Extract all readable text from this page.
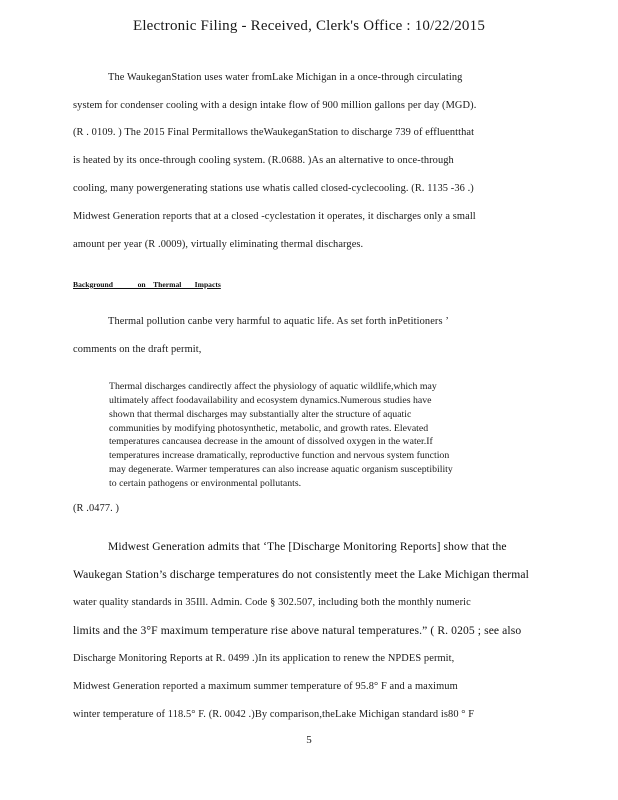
Electronic Filing - Received, Clerk's Office : 10/22/2015
The WaukeganStation uses water fromLake Michigan in a once-through circulating
system for condenser cooling with a design intake flow of 900 million gallons per day (MGD).
(R . 0109. ) The 2015 Final Permitallows theWaukeganStation to discharge 739 of effluentthat
is heated by its once-through cooling system. (R.0688. )As an alternative to once-through
cooling, many powergenerating stations use whatis called closed-cyclecooling. (R. 1135 -36 .)
Midwest Generation reports that at a closed -cyclestation it operates, it discharges only a small
amount per year (R .0009), virtually eliminating thermal discharges.
Background             on    Thermal       Impacts
Thermal pollution canbe very harmful to aquatic life. As set forth inPetitioners ’
comments on the draft permit,
Thermal discharges candirectly affect the physiology of aquatic wildlife,which may
ultimately affect foodavailability and ecosystem dynamics.Numerous studies have
shown that thermal discharges may substantially alter the structure of aquatic
communities by modifying photosynthetic, metabolic, and growth rates. Elevated
temperatures cancausea decrease in the amount of dissolved oxygen in the water.If
temperatures increase dramatically, reproductive function and nervous system function
may degenerate. Warmer temperatures can also increase aquatic organism susceptibility
to certain pathogens or environmental pollutants.
(R .0477. )
Midwest Generation admits that ‘The [Discharge Monitoring Reports] show that the
Waukegan Station’s discharge temperatures do not consistently meet the Lake Michigan thermal
water quality standards in 35Ill. Admin. Code § 302.507, including both the monthly numeric
limits and the 3°F maximum temperature rise above natural temperatures.” ( R. 0205 ; see also
Discharge Monitoring Reports at R. 0499 .)In its application to renew the NPDES permit,
Midwest Generation reported a maximum summer temperature of 95.8° F and a maximum
winter temperature of 118.5° F. (R. 0042 .)By comparison,theLake Michigan standard is80 ° F
5
